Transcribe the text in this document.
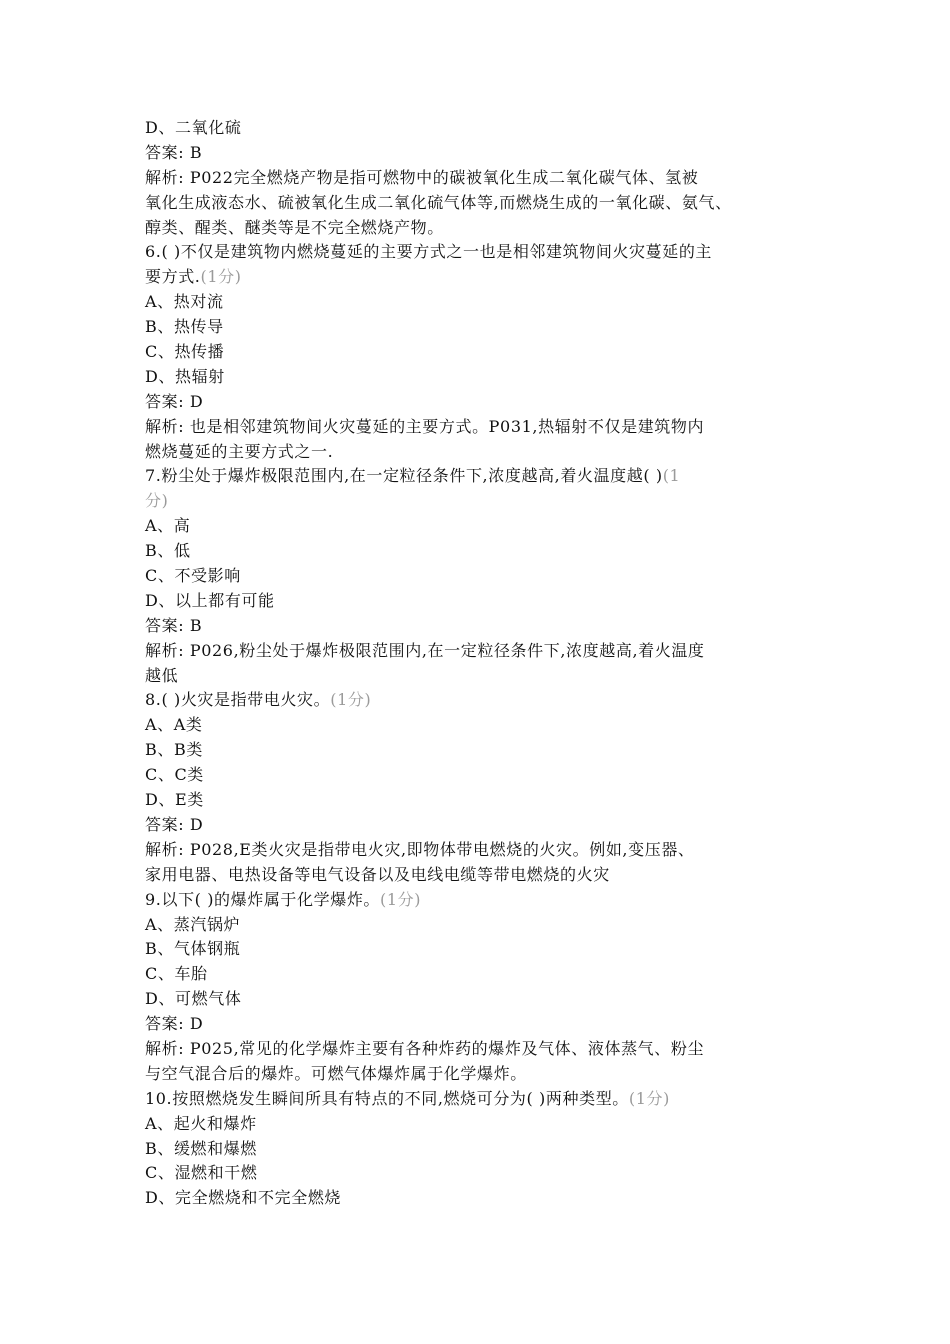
D、二氧化硫
答案: B
解析: P022完全燃烧产物是指可燃物中的碳被氧化生成二氧化碳气体、氢被
氧化生成液态水、硫被氧化生成二氧化硫气体等,而燃烧生成的一氧化碳、氨气、
醇类、醒类、醚类等是不完全燃烧产物。
6.( )不仅是建筑物内燃烧蔓延的主要方式之一也是相邻建筑物间火灾蔓延的主
要方式.(1分)
A、热对流
B、热传导
C、热传播
D、热辐射
答案: D
解析: 也是相邻建筑物间火灾蔓延的主要方式。P031,热辐射不仅是建筑物内
燃烧蔓延的主要方式之一.
7.粉尘处于爆炸极限范围内,在一定粒径条件下,浓度越高,着火温度越( )(1
分)
A、高
B、低
C、不受影响
D、以上都有可能
答案: B
解析: P026,粉尘处于爆炸极限范围内,在一定粒径条件下,浓度越高,着火温度
越低
8.( )火灾是指带电火灾。(1分)
A、A类
B、B类
C、C类
D、E类
答案: D
解析: P028,E类火灾是指带电火灾,即物体带电燃烧的火灾。例如,变压器、
家用电器、电热设备等电气设备以及电线电缆等带电燃烧的火灾
9.以下( )的爆炸属于化学爆炸。(1分)
A、蒸汽锅炉
B、气体钢瓶
C、车胎
D、可燃气体
答案: D
解析: P025,常见的化学爆炸主要有各种炸药的爆炸及气体、液体蒸气、粉尘
与空气混合后的爆炸。可燃气体爆炸属于化学爆炸。
10.按照燃烧发生瞬间所具有特点的不同,燃烧可分为( )两种类型。(1分)
A、起火和爆炸
B、缓燃和爆燃
C、湿燃和干燃
D、完全燃烧和不完全燃烧
